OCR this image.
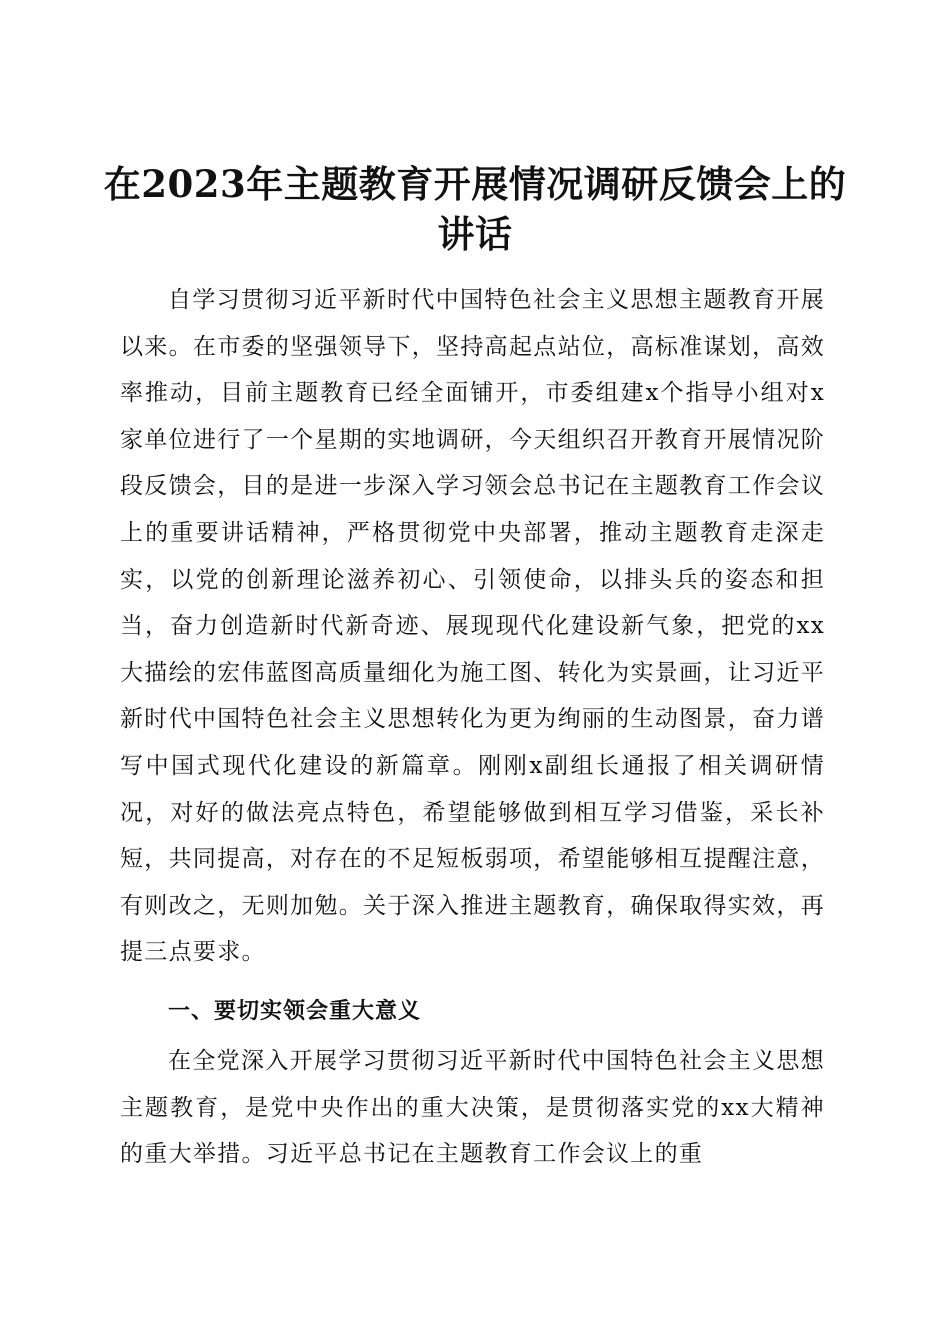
在2023年主题教育开展情况调研反馈会上的讲话

自学习贯彻习近平新时代中国特色社会主义思想主题教育开展以来。在市委的坚强领导下，坚持高起点站位，高标准谋划，高效率推动，目前主题教育已经全面铺开，市委组建x个指导小组对x家单位进行了一个星期的实地调研，今天组织召开教育开展情况阶段反馈会，目的是进一步深入学习领会总书记在主题教育工作会议上的重要讲话精神，严格贯彻党中央部署，推动主题教育走深走实，以党的创新理论滋养初心、引领使命，以排头兵的姿态和担当，奋力创造新时代新奇迹、展现现代化建设新气象，把党的xx大描绘的宏伟蓝图高质量细化为施工图、转化为实景画，让习近平新时代中国特色社会主义思想转化为更为绚丽的生动图景，奋力谱写中国式现代化建设的新篇章。刚刚x副组长通报了相关调研情况，对好的做法亮点特色，希望能够做到相互学习借鉴，采长补短，共同提高，对存在的不足短板弱项，希望能够相互提醒注意，有则改之，无则加勉。关于深入推进主题教育，确保取得实效，再提三点要求。

一、要切实领会重大意义

在全党深入开展学习贯彻习近平新时代中国特色社会主义思想主题教育，是党中央作出的重大决策，是贯彻落实党的xx大精神的重大举措。习近平总书记在主题教育工作会议上的重
